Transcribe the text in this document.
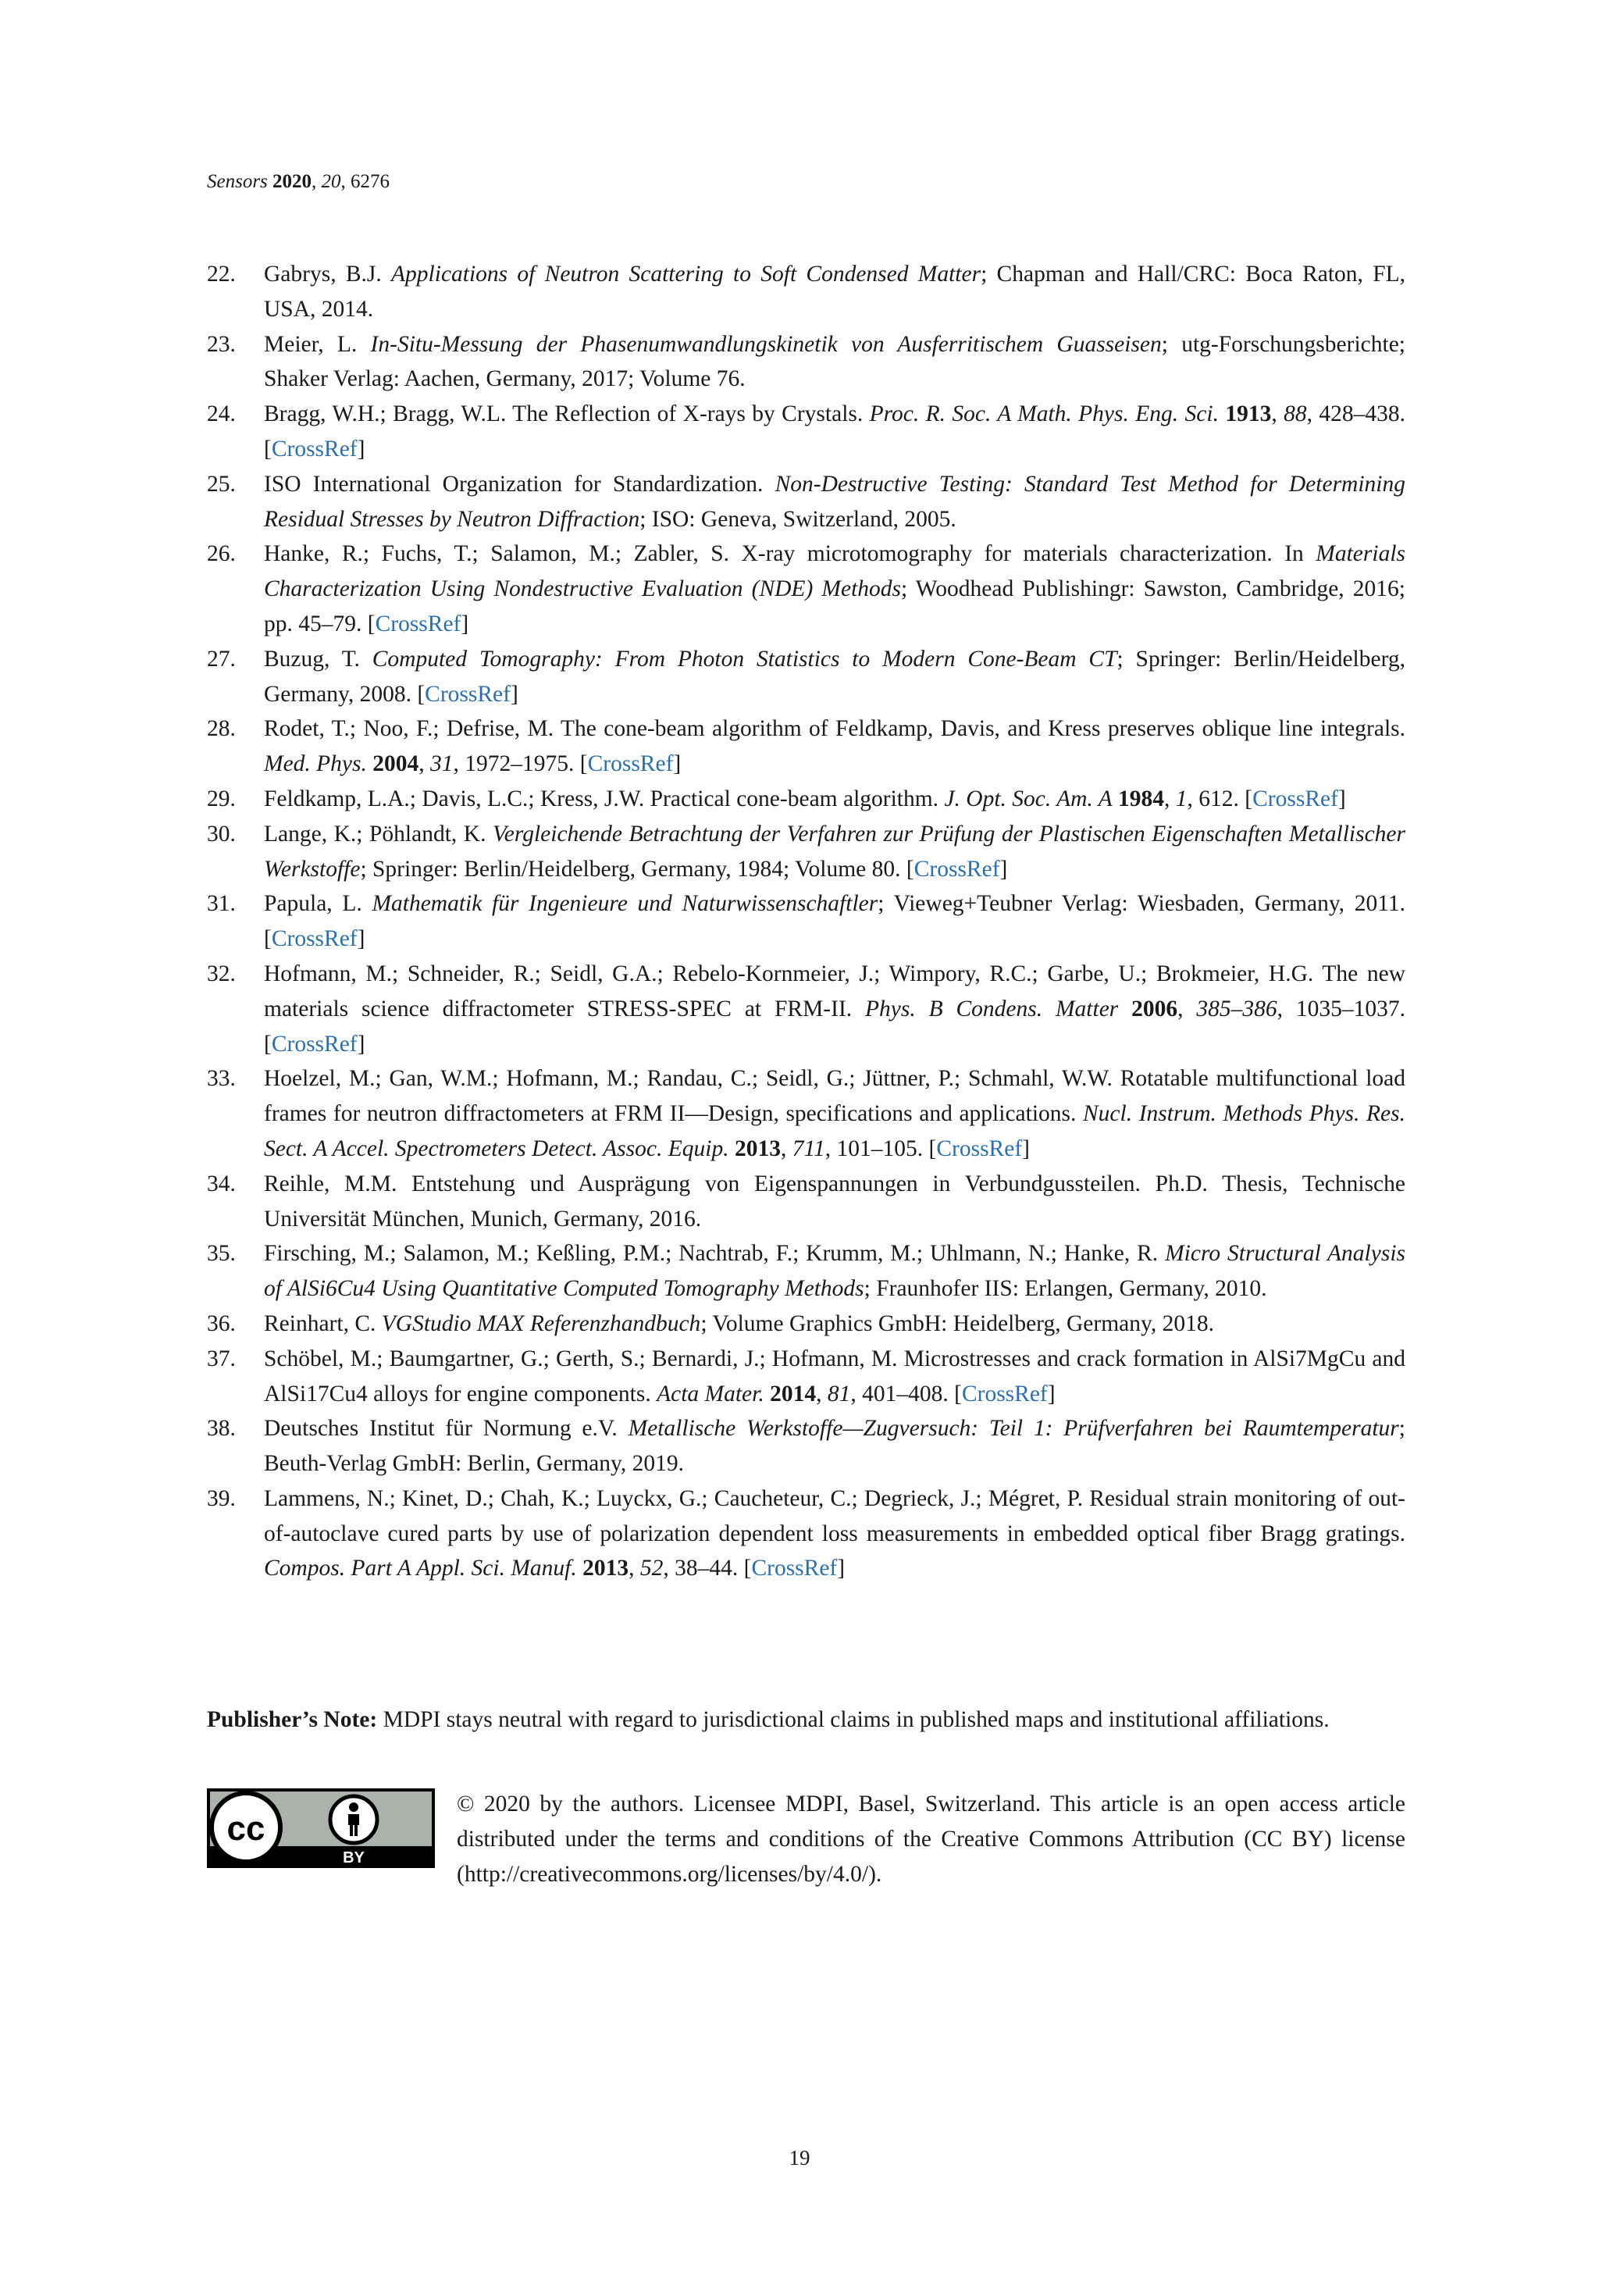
Sensors 2020, 20, 6276
22. Gabrys, B.J. Applications of Neutron Scattering to Soft Condensed Matter; Chapman and Hall/CRC: Boca Raton, FL, USA, 2014.
23. Meier, L. In-Situ-Messung der Phasenumwandlungskinetik von Ausferritischem Guasseisen; utg-Forschungsberichte; Shaker Verlag: Aachen, Germany, 2017; Volume 76.
24. Bragg, W.H.; Bragg, W.L. The Reflection of X-rays by Crystals. Proc. R. Soc. A Math. Phys. Eng. Sci. 1913, 88, 428–438. [CrossRef]
25. ISO International Organization for Standardization. Non-Destructive Testing: Standard Test Method for Determining Residual Stresses by Neutron Diffraction; ISO: Geneva, Switzerland, 2005.
26. Hanke, R.; Fuchs, T.; Salamon, M.; Zabler, S. X-ray microtomography for materials characterization. In Materials Characterization Using Nondestructive Evaluation (NDE) Methods; Woodhead Publishingr: Sawston, Cambridge, 2016; pp. 45–79. [CrossRef]
27. Buzug, T. Computed Tomography: From Photon Statistics to Modern Cone-Beam CT; Springer: Berlin/Heidelberg, Germany, 2008. [CrossRef]
28. Rodet, T.; Noo, F.; Defrise, M. The cone-beam algorithm of Feldkamp, Davis, and Kress preserves oblique line integrals. Med. Phys. 2004, 31, 1972–1975. [CrossRef]
29. Feldkamp, L.A.; Davis, L.C.; Kress, J.W. Practical cone-beam algorithm. J. Opt. Soc. Am. A 1984, 1, 612. [CrossRef]
30. Lange, K.; Pöhlandt, K. Vergleichende Betrachtung der Verfahren zur Prüfung der Plastischen Eigenschaften Metallischer Werkstoffe; Springer: Berlin/Heidelberg, Germany, 1984; Volume 80. [CrossRef]
31. Papula, L. Mathematik für Ingenieure und Naturwissenschaftler; Vieweg+Teubner Verlag: Wiesbaden, Germany, 2011. [CrossRef]
32. Hofmann, M.; Schneider, R.; Seidl, G.A.; Rebelo-Kornmeier, J.; Wimpory, R.C.; Garbe, U.; Brokmeier, H.G. The new materials science diffractometer STRESS-SPEC at FRM-II. Phys. B Condens. Matter 2006, 385–386, 1035–1037. [CrossRef]
33. Hoelzel, M.; Gan, W.M.; Hofmann, M.; Randau, C.; Seidl, G.; Jüttner, P.; Schmahl, W.W. Rotatable multifunctional load frames for neutron diffractometers at FRM II—Design, specifications and applications. Nucl. Instrum. Methods Phys. Res. Sect. A Accel. Spectrometers Detect. Assoc. Equip. 2013, 711, 101–105. [CrossRef]
34. Reihle, M.M. Entstehung und Ausprägung von Eigenspannungen in Verbundgussteilen. Ph.D. Thesis, Technische Universität München, Munich, Germany, 2016.
35. Firsching, M.; Salamon, M.; Keßling, P.M.; Nachtrab, F.; Krumm, M.; Uhlmann, N.; Hanke, R. Micro Structural Analysis of AlSi6Cu4 Using Quantitative Computed Tomography Methods; Fraunhofer IIS: Erlangen, Germany, 2010.
36. Reinhart, C. VGStudio MAX Referenzhandbuch; Volume Graphics GmbH: Heidelberg, Germany, 2018.
37. Schöbel, M.; Baumgartner, G.; Gerth, S.; Bernardi, J.; Hofmann, M. Microstresses and crack formation in AlSi7MgCu and AlSi17Cu4 alloys for engine components. Acta Mater. 2014, 81, 401–408. [CrossRef]
38. Deutsches Institut für Normung e.V. Metallische Werkstoffe—Zugversuch: Teil 1: Prüfverfahren bei Raumtemperatur; Beuth-Verlag GmbH: Berlin, Germany, 2019.
39. Lammens, N.; Kinet, D.; Chah, K.; Luyckx, G.; Caucheteur, C.; Degrieck, J.; Mégret, P. Residual strain monitoring of out-of-autoclave cured parts by use of polarization dependent loss measurements in embedded optical fiber Bragg gratings. Compos. Part A Appl. Sci. Manuf. 2013, 52, 38–44. [CrossRef]
Publisher’s Note: MDPI stays neutral with regard to jurisdictional claims in published maps and institutional affiliations.
cc
BY
© 2020 by the authors. Licensee MDPI, Basel, Switzerland. This article is an open access article distributed under the terms and conditions of the Creative Commons Attribution (CC BY) license (http://creativecommons.org/licenses/by/4.0/).
19
